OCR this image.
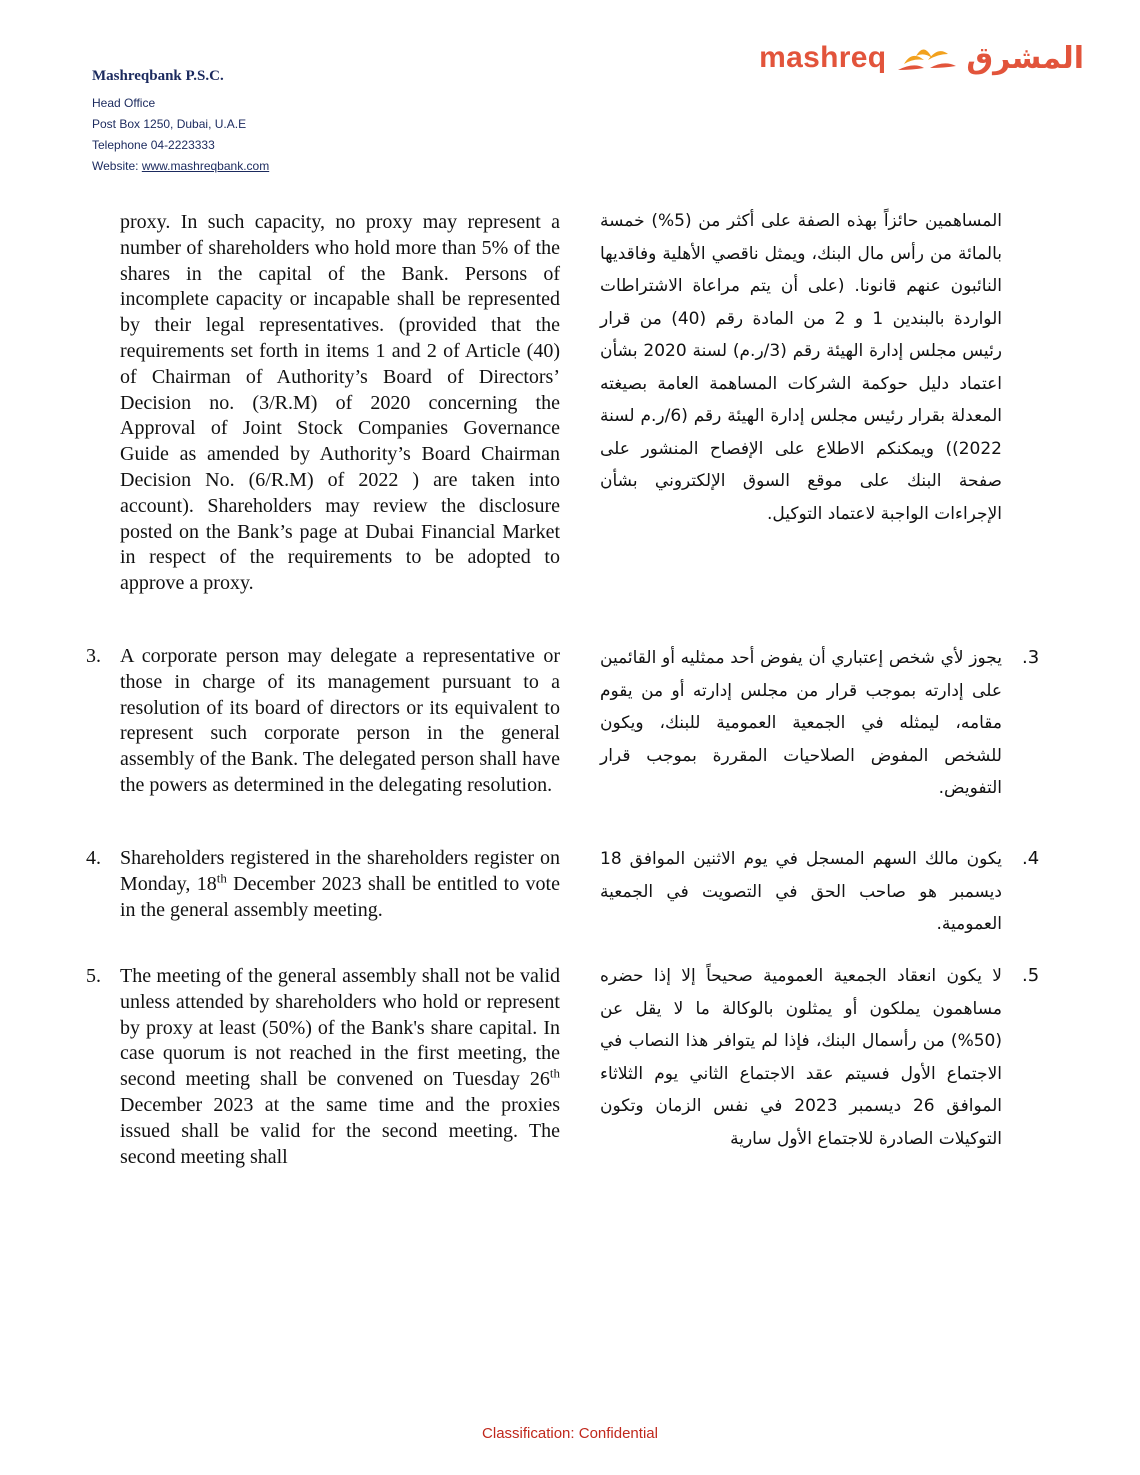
Mashreqbank P.S.C.
Head Office
Post Box 1250, Dubai, U.A.E
Telephone 04-2223333
Website: www.mashreqbank.com
mashreq	المشرق
proxy. In such capacity, no proxy may represent a number of shareholders who hold more than 5% of the shares in the capital of the Bank. Persons of incomplete capacity or incapable shall be represented by their legal representatives. (provided that the requirements set forth in items 1 and 2 of Article (40) of Chairman of Authority’s Board of Directors’ Decision no. (3/R.M) of 2020 concerning the Approval of Joint Stock Companies Governance Guide as amended by Authority’s Board Chairman Decision No. (6/R.M) of 2022 ) are taken into account). Shareholders may review the disclosure posted on the Bank’s page at Dubai Financial Market in respect of the requirements to be adopted to approve a proxy.
3. A corporate person may delegate a representative or those in charge of its management pursuant to a resolution of its board of directors or its equivalent to represent such corporate person in the general assembly of the Bank. The delegated person shall have the powers as determined in the delegating resolution.
4. Shareholders registered in the shareholders register on Monday, 18th December 2023 shall be entitled to vote in the general assembly meeting.
5. The meeting of the general assembly shall not be valid unless attended by shareholders who hold or represent by proxy at least (50%) of the Bank's share capital. In case quorum is not reached in the first meeting, the second meeting shall be convened on Tuesday 26th December 2023 at the same time and the proxies issued shall be valid for the second meeting. The second meeting shall
المساهمين حائزاً بهذه الصفة على أكثر من (5%) خمسة بالمائة من رأس مال البنك، ويمثل ناقصي الأهلية وفاقديها النائبون عنهم قانونا. (على أن يتم مراعاة الاشتراطات الواردة بالبندين 1 و 2 من المادة رقم (40) من قرار رئيس مجلس إدارة الهيئة رقم (3/ر.م) لسنة 2020 بشأن اعتماد دليل حوكمة الشركات المساهمة العامة بصيغته المعدلة بقرار رئيس مجلس إدارة الهيئة رقم (6/ر.م لسنة 2022)) ويمكنكم الاطلاع على الإفصاح المنشور على صفحة البنك على موقع السوق الإلكتروني بشأن الإجراءات الواجبة لاعتماد التوكيل.
.3
يجوز لأي شخص إعتباري أن يفوض أحد ممثليه أو القائمين على إدارته بموجب قرار من مجلس إدارته أو من يقوم مقامه، ليمثله في الجمعية العمومية للبنك، ويكون للشخص المفوض الصلاحيات المقررة بموجب قرار التفويض.
.4
يكون مالك السهم المسجل في يوم الاثنين الموافق 18 ديسمبر هو صاحب الحق في التصويت في الجمعية العمومية.
.5
لا يكون انعقاد الجمعية العمومية صحيحاً إلا إذا حضره مساهمون يملكون أو يمثلون بالوكالة ما لا يقل عن (50%) من رأسمال البنك، فإذا لم يتوافر هذا النصاب في الاجتماع الأول فسيتم عقد الاجتماع الثاني يوم الثلاثاء الموافق 26 ديسمبر 2023 في نفس الزمان وتكون التوكيلات الصادرة للاجتماع الأول سارية
Classification: Confidential
